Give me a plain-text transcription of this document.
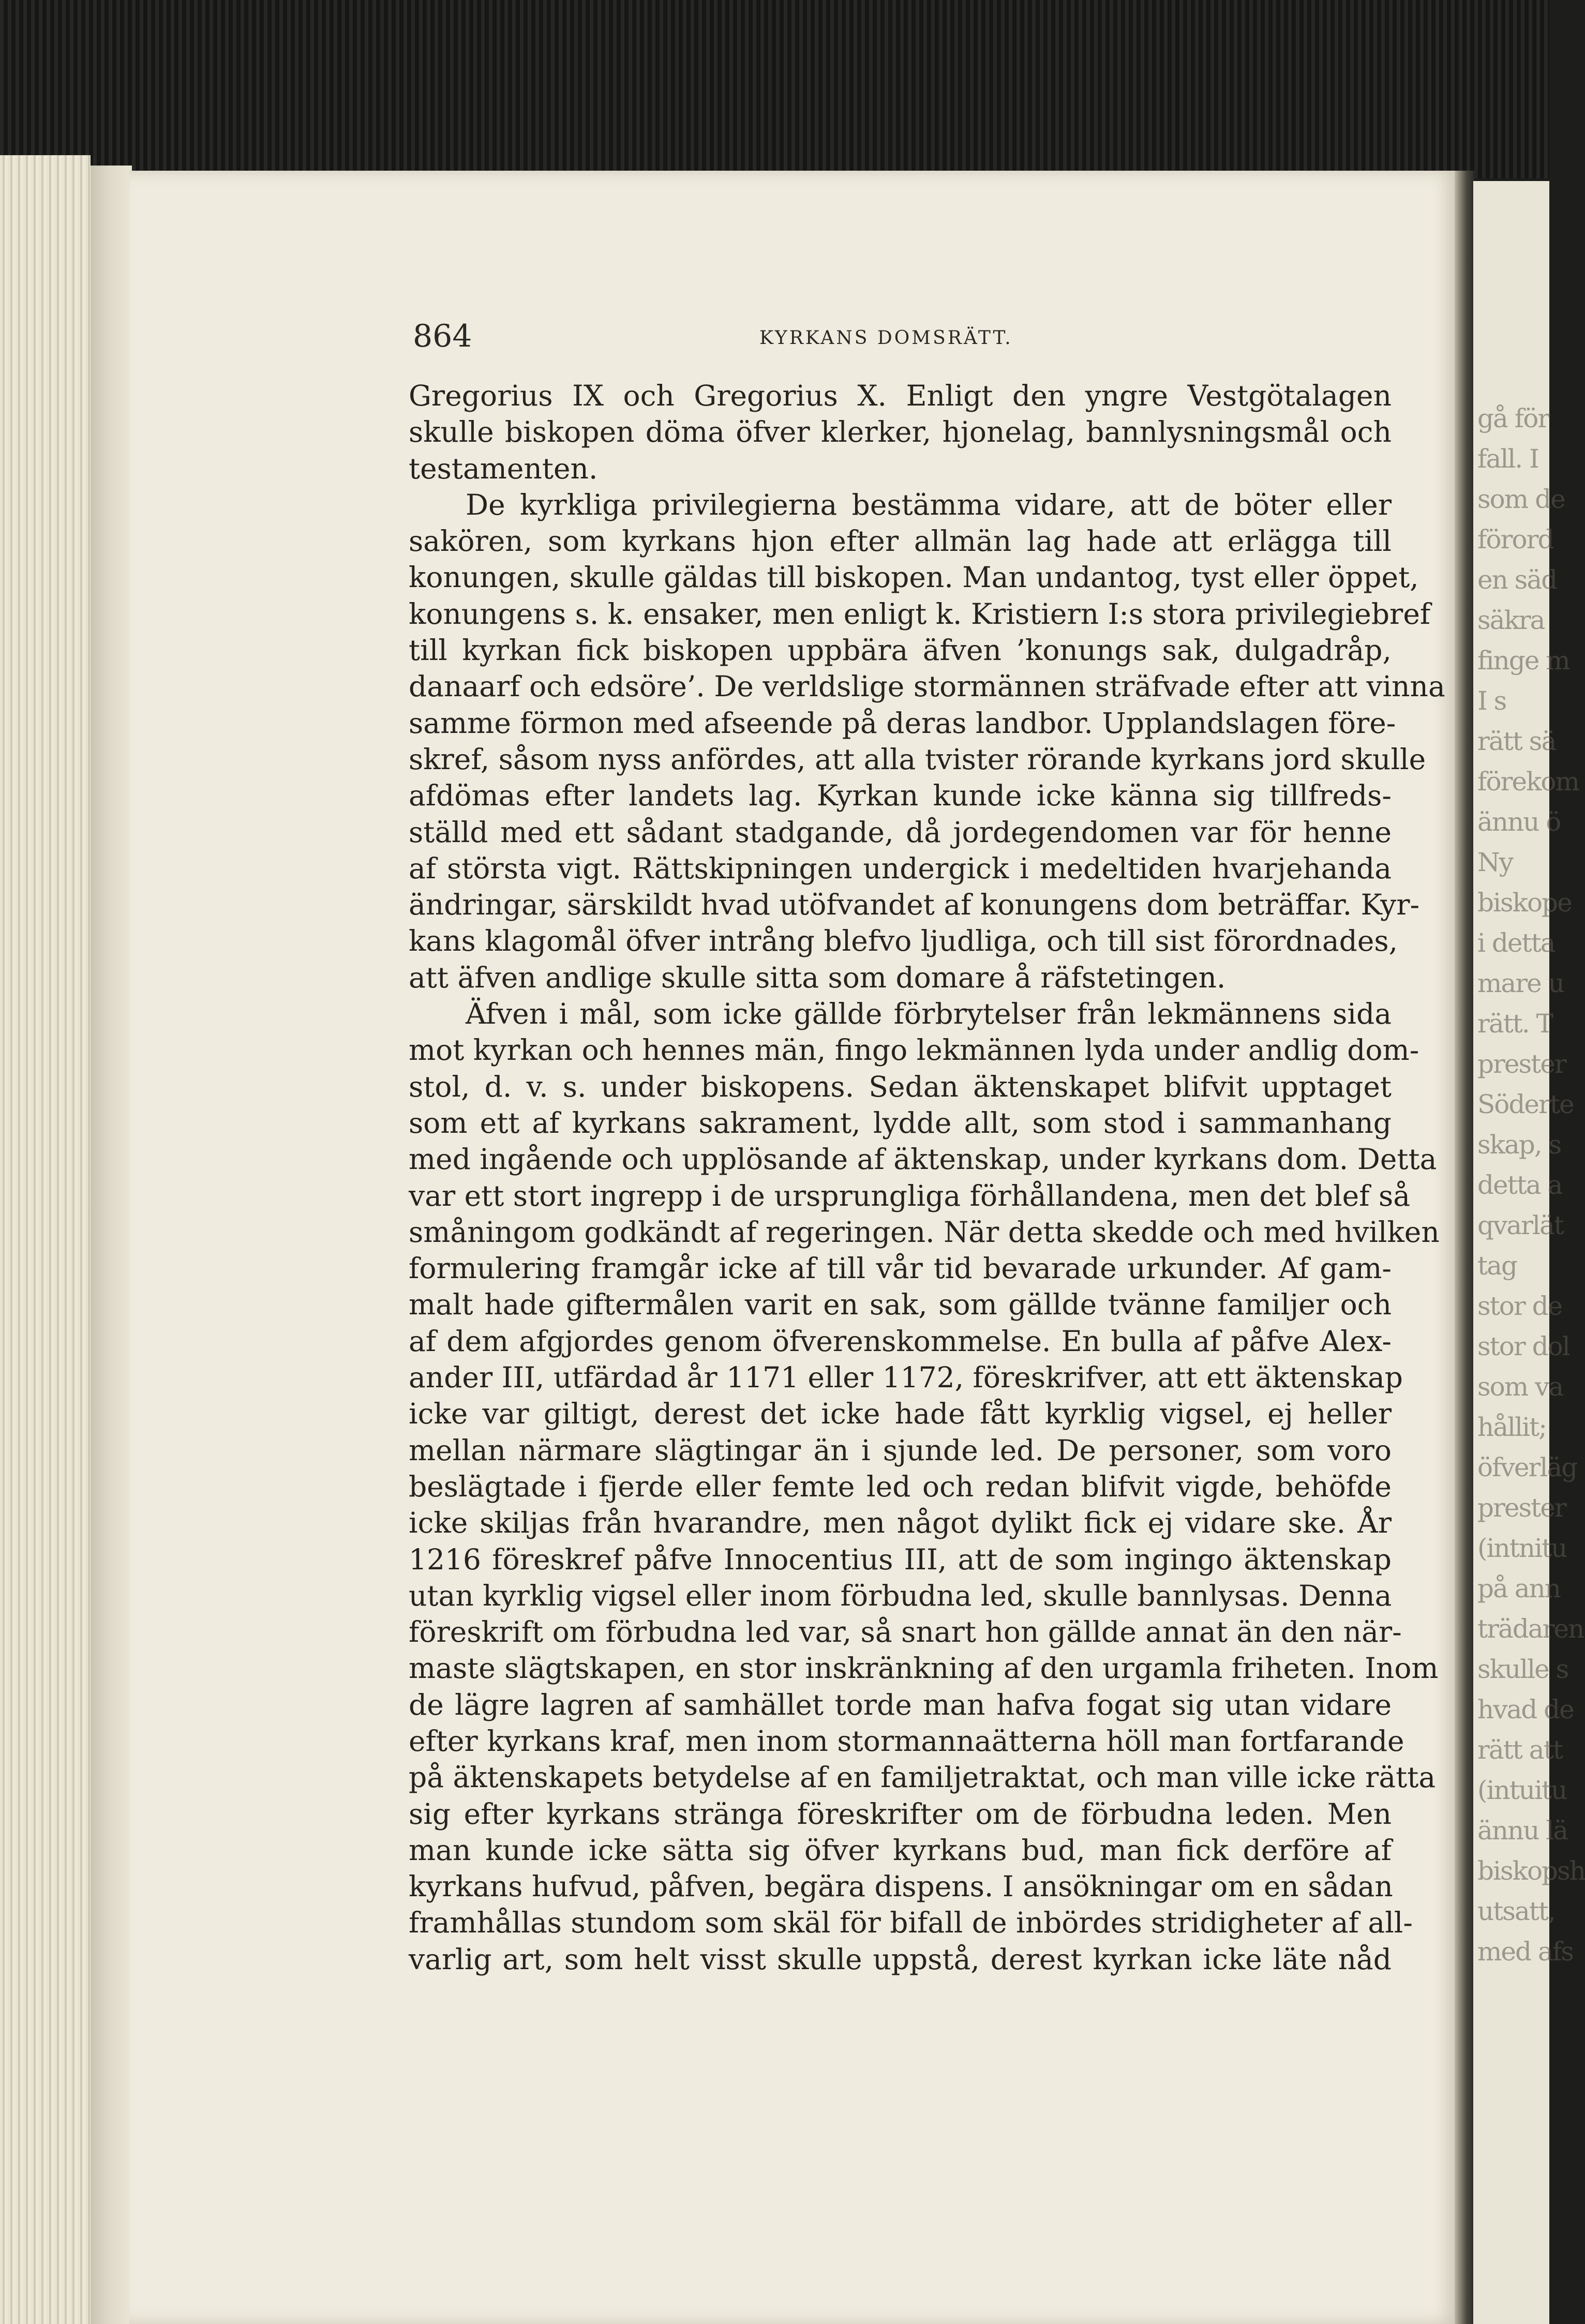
gå för
fall. I
som de
förord
en säd
säkra
finge m
I s
rätt sä
förekom
ännu ö
Ny
biskope
i detta
mare u
rätt. T
prester
Söderte
skap, s
detta a
qvarlät
tag
stor de
stor dol
som va
hållit;
öfverläg
prester
(intnitu
på ann
trädaren
skulle s
hvad de
rätt att
(intuitu
ännu lä
biskopsh
utsatt,
med afs
864	KYRKANS DOMSRÄTT.
Gregorius IX och Gregorius X. Enligt den yngre Vestgötalagen
skulle biskopen döma öfver klerker, hjonelag, bannlysningsmål och
testamenten.
De kyrkliga privilegierna bestämma vidare, att de böter eller
sakören, som kyrkans hjon efter allmän lag hade att erlägga till
konungen, skulle gäldas till biskopen. Man undantog, tyst eller öppet,
konungens s. k. ensaker, men enligt k. Kristiern I:s stora privilegiebref
till kyrkan fick biskopen uppbära äfven ’konungs sak, dulgadråp,
danaarf och edsöre’. De verldslige stormännen sträfvade efter att vinna
samme förmon med afseende på deras landbor. Upplandslagen före-
skref, såsom nyss anfördes, att alla tvister rörande kyrkans jord skulle
afdömas efter landets lag. Kyrkan kunde icke känna sig tillfreds-
ställd med ett sådant stadgande, då jordegendomen var för henne
af största vigt. Rättskipningen undergick i medeltiden hvarjehanda
ändringar, särskildt hvad utöfvandet af konungens dom beträffar. Kyr-
kans klagomål öfver intrång blefvo ljudliga, och till sist förordnades,
att äfven andlige skulle sitta som domare å räfstetingen.
Äfven i mål, som icke gällde förbrytelser från lekmännens sida
mot kyrkan och hennes män, fingo lekmännen lyda under andlig dom-
stol, d. v. s. under biskopens. Sedan äktenskapet blifvit upptaget
som ett af kyrkans sakrament, lydde allt, som stod i sammanhang
med ingående och upplösande af äktenskap, under kyrkans dom. Detta
var ett stort ingrepp i de ursprungliga förhållandena, men det blef så
småningom godkändt af regeringen. När detta skedde och med hvilken
formulering framgår icke af till vår tid bevarade urkunder. Af gam-
malt hade giftermålen varit en sak, som gällde tvänne familjer och
af dem afgjordes genom öfverenskommelse. En bulla af påfve Alex-
ander III, utfärdad år 1171 eller 1172, föreskrifver, att ett äktenskap
icke var giltigt, derest det icke hade fått kyrklig vigsel, ej heller
mellan närmare slägtingar än i sjunde led. De personer, som voro
beslägtade i fjerde eller femte led och redan blifvit vigde, behöfde
icke skiljas från hvarandre, men något dylikt fick ej vidare ske. År
1216 föreskref påfve Innocentius III, att de som ingingo äktenskap
utan kyrklig vigsel eller inom förbudna led, skulle bannlysas. Denna
föreskrift om förbudna led var, så snart hon gällde annat än den när-
maste slägtskapen, en stor inskränkning af den urgamla friheten. Inom
de lägre lagren af samhället torde man hafva fogat sig utan vidare
efter kyrkans kraf, men inom stormannaätterna höll man fortfarande
på äktenskapets betydelse af en familjetraktat, och man ville icke rätta
sig efter kyrkans stränga föreskrifter om de förbudna leden. Men
man kunde icke sätta sig öfver kyrkans bud, man fick derföre af
kyrkans hufvud, påfven, begära dispens. I ansökningar om en sådan
framhållas stundom som skäl för bifall de inbördes stridigheter af all-
varlig art, som helt visst skulle uppstå, derest kyrkan icke läte nåd
